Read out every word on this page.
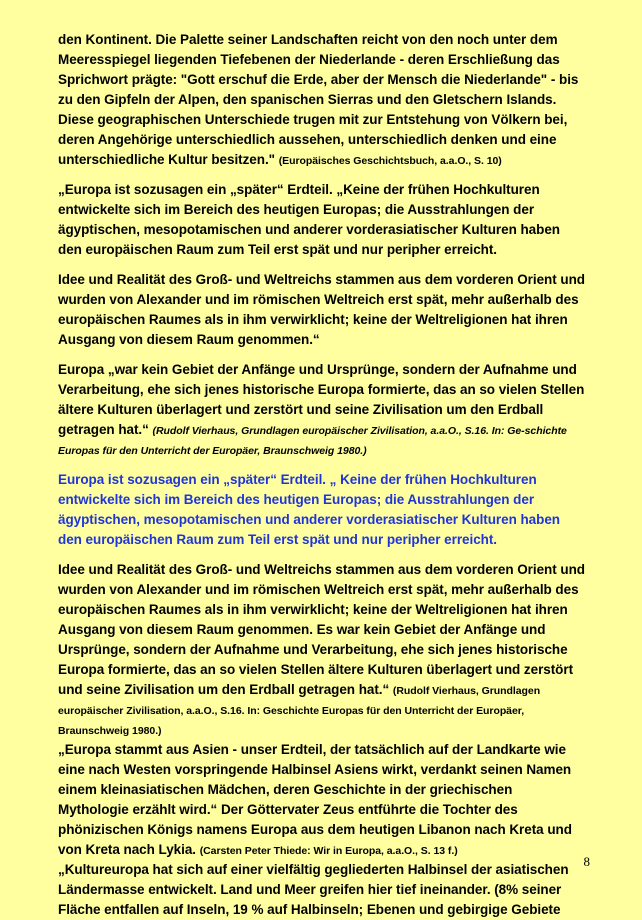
den Kontinent. Die Palette seiner Landschaften reicht von den noch unter dem Meeresspiegel liegenden Tiefebenen der Niederlande - deren Erschließung das Sprichwort prägte: "Gott erschuf die Erde, aber der Mensch die Niederlande" - bis zu den Gipfeln der Alpen, den spanischen Sierras und den Gletschern Islands. Diese geographischen Unterschiede trugen mit zur Entstehung von Völkern bei, deren Angehörige unterschiedlich aussehen, unterschiedlich denken und eine unterschiedliche Kultur besitzen." (Europäisches Geschichtsbuch, a.a.O., S. 10)

„Europa ist sozusagen ein „später“ Erdteil. „Keine der frühen Hochkulturen entwickelte sich im Bereich des heutigen Europas; die Ausstrahlungen der ägyptischen, mesopotamischen und anderer vorderasiatischer Kulturen haben den europäischen Raum zum Teil erst spät und nur peripher erreicht.

Idee und Realität des Groß- und Weltreichs stammen aus dem vorderen Orient und wurden von Alexander und im römischen Weltreich erst spät, mehr außerhalb des europäischen Raumes als in ihm verwirklicht; keine der Weltreligionen hat ihren Ausgang von diesem Raum genommen.“

Europa „war kein Gebiet der Anfänge und Ursprünge, sondern der Aufnahme und Verarbeitung, ehe sich jenes historische Europa formierte, das an so vielen Stellen ältere Kulturen überlagert und zerstört und seine Zivilisation um den Erdball getragen hat.“ (Rudolf Vierhaus, Grundlagen europäischer Zivilisation, a.a.O., S.16. In: Ge-schichte Europas für den Unterricht der Europäer, Braunschweig 1980.)

Europa ist sozusagen ein „später“ Erdteil. „ Keine der frühen Hochkulturen entwickelte sich im Bereich des heutigen Europas; die Ausstrahlungen der ägyptischen, mesopotamischen und anderer vorderasiatischer Kulturen haben den europäischen Raum zum Teil erst spät und nur peripher erreicht.

Idee und Realität des Groß- und Weltreichs stammen aus dem vorderen Orient und wurden von Alexander und im römischen Weltreich erst spät, mehr außerhalb des europäischen Raumes als in ihm verwirklicht; keine der Weltreligionen hat ihren Ausgang von diesem Raum genommen. Es war kein Gebiet der Anfänge und Ursprünge, sondern der Aufnahme und Verarbeitung, ehe sich jenes historische Europa formierte, das an so vielen Stellen ältere Kulturen überlagert und zerstört und seine Zivilisation um den Erdball getragen hat.“ (Rudolf Vierhaus, Grundlagen europäischer Zivilisation, a.a.O., S.16. In: Geschichte Europas für den Unterricht der Europäer, Braunschweig 1980.)

„Europa stammt aus Asien - unser Erdteil, der tatsächlich auf der Landkarte wie eine nach Westen vorspringende Halbinsel Asiens wirkt, verdankt seinen Namen einem kleinasiatischen Mädchen, deren Geschichte in der griechischen Mythologie erzählt wird.“ Der Göttervater Zeus entführte die Tochter des phönizischen Königs namens Europa aus dem heutigen Libanon nach Kreta und von Kreta nach Lykia. (Carsten Peter Thiede: Wir in Europa, a.a.O., S. 13 f.)

„Kultureuropa hat sich auf einer vielfältig gegliederten Halbinsel der asiatischen Ländermasse entwickelt. Land und Meer greifen hier tief ineinander. (8% seiner Fläche entfallen auf Inseln, 19 % auf Halbinseln; Ebenen und gebirgige Gebiete

8
